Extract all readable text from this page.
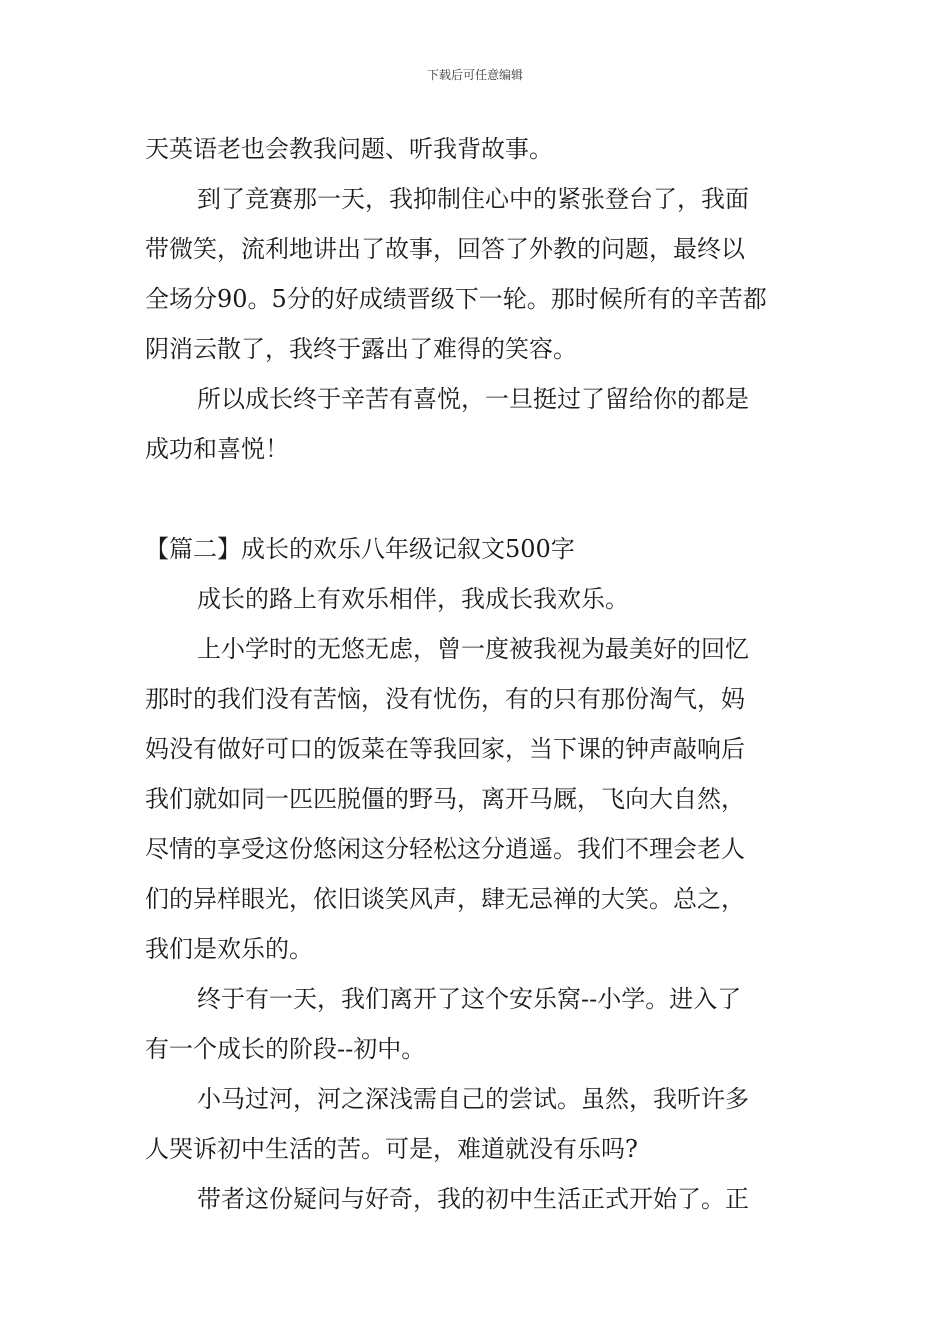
下载后可任意编辑
天英语老也会教我问题、听我背故事。
到了竞赛那一天，我抑制住心中的紧张登台了，我面
带微笑，流利地讲出了故事，回答了外教的问题，最终以
全场分90。5分的好成绩晋级下一轮。那时候所有的辛苦都
阴消云散了，我终于露出了难得的笑容。
所以成长终于辛苦有喜悦，一旦挺过了留给你的都是
成功和喜悦！
【篇二】成长的欢乐八年级记叙文500字
成长的路上有欢乐相伴，我成长我欢乐。
上小学时的无悠无虑，曾一度被我视为最美好的回忆
那时的我们没有苦恼，没有忧伤，有的只有那份淘气，妈
妈没有做好可口的饭菜在等我回家，当下课的钟声敲响后
我们就如同一匹匹脱僵的野马，离开马厩，飞向大自然，
尽情的享受这份悠闲这分轻松这分逍遥。我们不理会老人
们的异样眼光，依旧谈笑风声，肆无忌禅的大笑。总之，
我们是欢乐的。
终于有一天，我们离开了这个安乐窝--小学。进入了
有一个成长的阶段--初中。
小马过河，河之深浅需自己的尝试。虽然，我听许多
人哭诉初中生活的苦。可是，难道就没有乐吗?
带者这份疑问与好奇，我的初中生活正式开始了。正
